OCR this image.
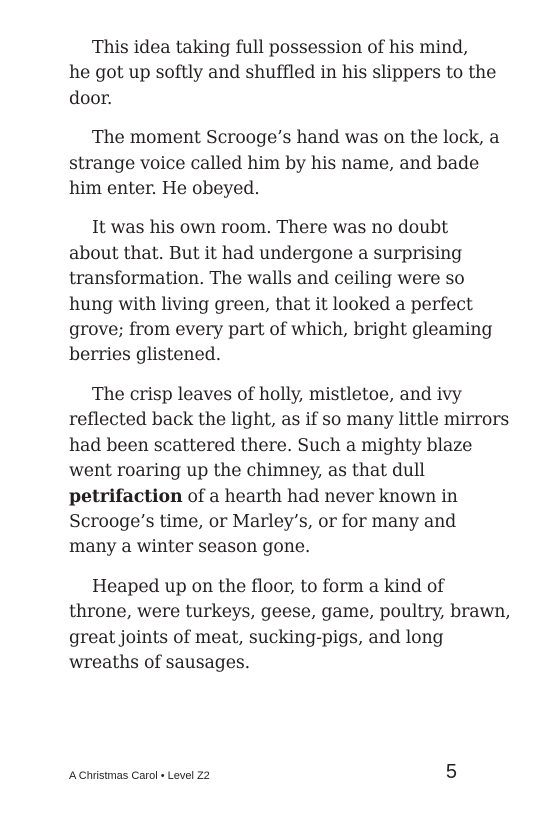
This idea taking full possession of his mind,
he got up softly and shuffled in his slippers to the
door.

The moment Scrooge’s hand was on the lock, a
strange voice called him by his name, and bade
him enter. He obeyed.

It was his own room. There was no doubt
about that. But it had undergone a surprising
transformation. The walls and ceiling were so
hung with living green, that it looked a perfect
grove; from every part of which, bright gleaming
berries glistened.

The crisp leaves of holly, mistletoe, and ivy
reflected back the light, as if so many little mirrors
had been scattered there. Such a mighty blaze
went roaring up the chimney, as that dull
petrifaction of a hearth had never known in
Scrooge’s time, or Marley’s, or for many and
many a winter season gone.

Heaped up on the floor, to form a kind of
throne, were turkeys, geese, game, poultry, brawn,
great joints of meat, sucking-pigs, and long
wreaths of sausages.

A Christmas Carol • Level Z2	5
